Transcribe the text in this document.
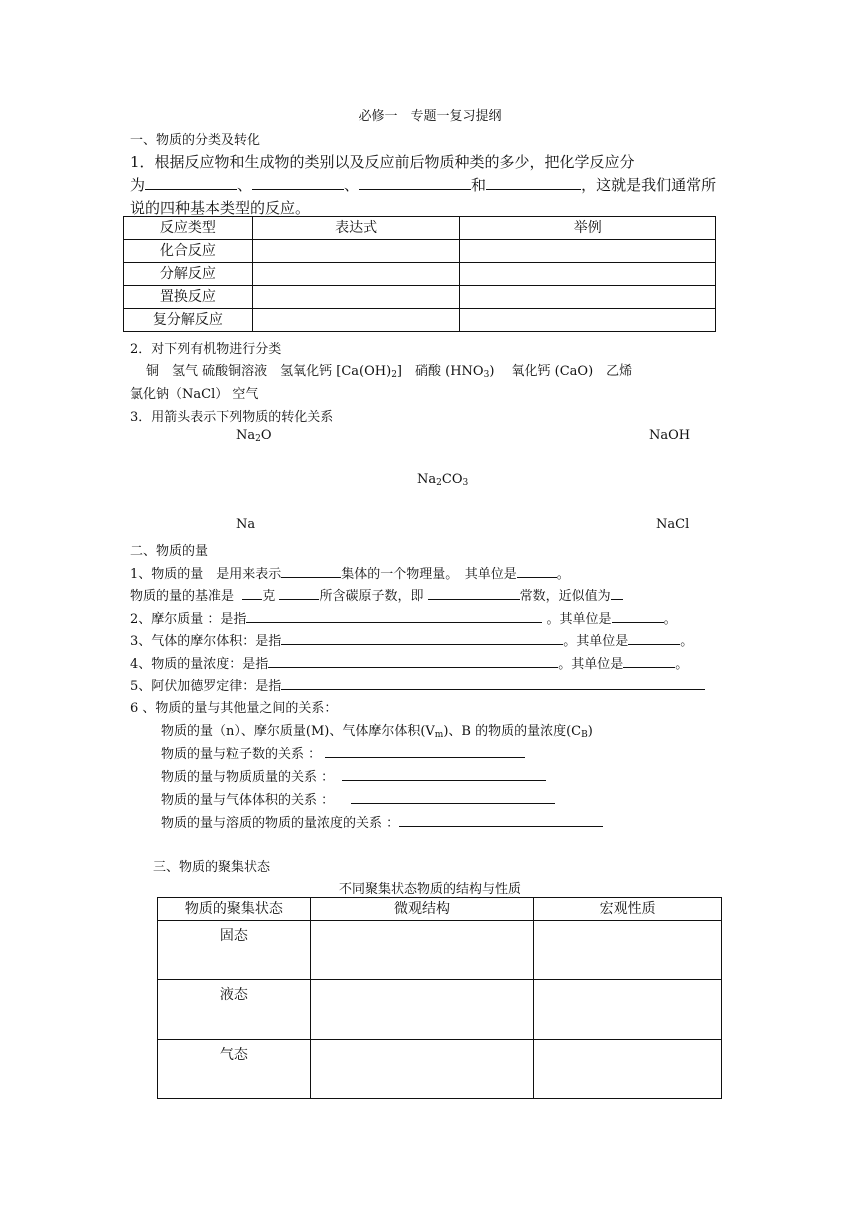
必修一　专题一复习提纲
一、物质的分类及转化
1．根据反应物和生成物的类别以及反应前后物质种类的多少，把化学反应分
为	、	、	和	，这就是我们通常所
说的四种基本类型的反应。
反应类型	表达式	举例
化合反应		
分解反应		
置换反应		
复分解反应		
2．对下列有机物进行分类
铜　氢气 硫酸铜溶液　氢氧化钙 $[Ca(OH)_2]$　硝酸 $(HNO_3)$　 氧化钙 (CaO)　乙烯
氯化钠（NaCl） 空气
3．用箭头表示下列物质的转化关系
$Na_2O$	NaOH
$Na_2CO_3$
Na	NaCl
二、物质的量
1、物质的量　是用来表示	集体的一个物理量。　其单位是	。
物质的量的基准是 克	所含碳原子数，即	常数，近似值为
2、摩尔质量 ：是指	。其单位是	。
3、气体的摩尔体积：是指	。其单位是	。
4、物质的量浓度：是指	。其单位是	。
5、阿伏加德罗定律：是指
6 、物质的量与其他量之间的关系：
物质的量（n）、摩尔质量(M)、气体摩尔体积$(V_m)$、B 的物质的量浓度$(C_B)$
物质的量与粒子数的关系 ：
物质的量与物质质量的关系 ：
物质的量与气体体积的关系 ：
物质的量与溶质的物质的量浓度的关系 ：
三、物质的聚集状态
不同聚集状态物质的结构与性质
物质的聚集状态	微观结构	宏观性质
固态		
液态		
气态		
